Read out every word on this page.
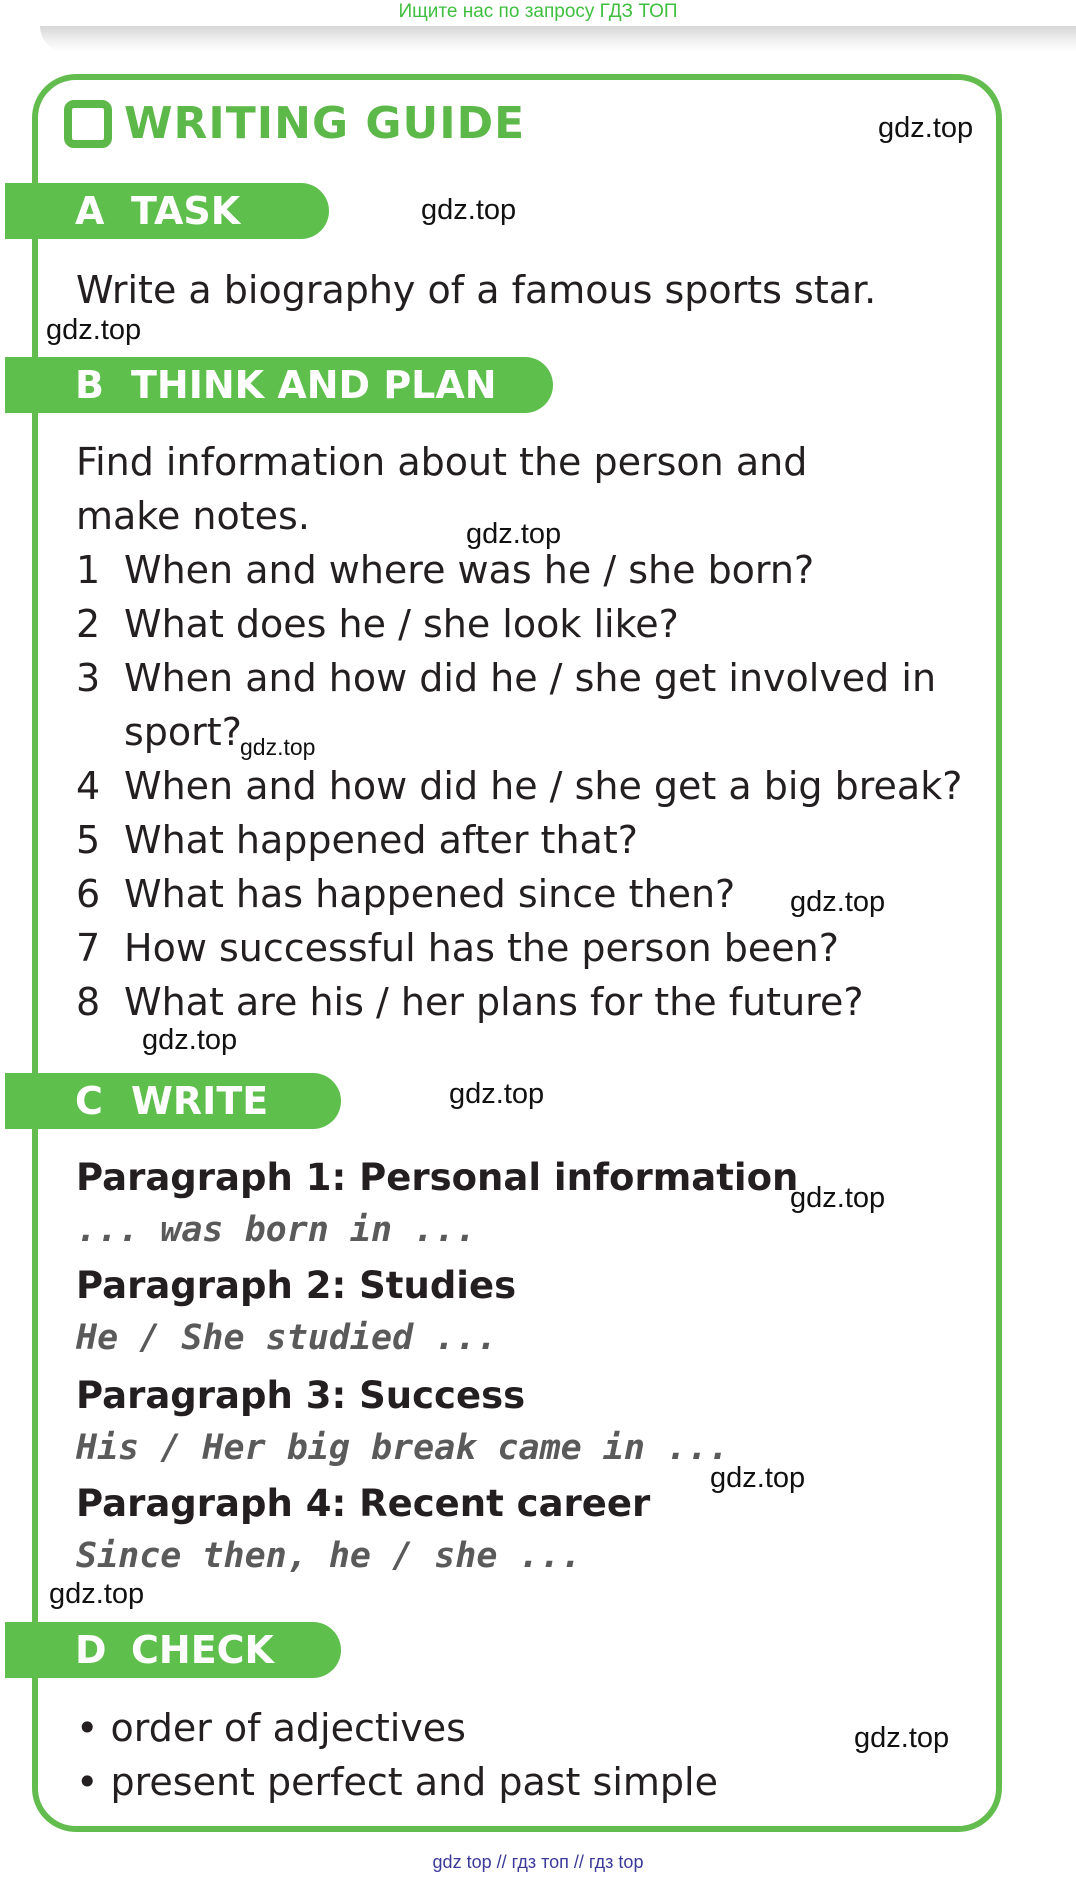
Ищите нас по запросу ГДЗ ТОП
WRITING GUIDE	gdz.top
A TASK	gdz.top
Write a biography of a famous sports star.
gdz.top
B THINK AND PLAN
Find information about the person and
make notes.	gdz.top
1 When and where was he / she born?
2 What does he / she look like?
3 When and how did he / she get involved in
sport?
gdz.top
4 When and how did he / she get a big break?
5 What happened after that?
6 What has happened since then? gdz.top
7 How successful has the person been?
8 What are his / her plans for the future?
gdz.top
C WRITE	gdz.top
Paragraph 1: Personal information
gdz.top
... was born in ...
Paragraph 2: Studies
He / She studied ...
Paragraph 3: Success
His / Her big break came in ...
gdz.top
Paragraph 4: Recent career
Since then, he / she ...
gdz.top
D CHECK
• order of adjectives
• present perfect and past simple
gdz.top
gdz top // гдз топ // гдз top
